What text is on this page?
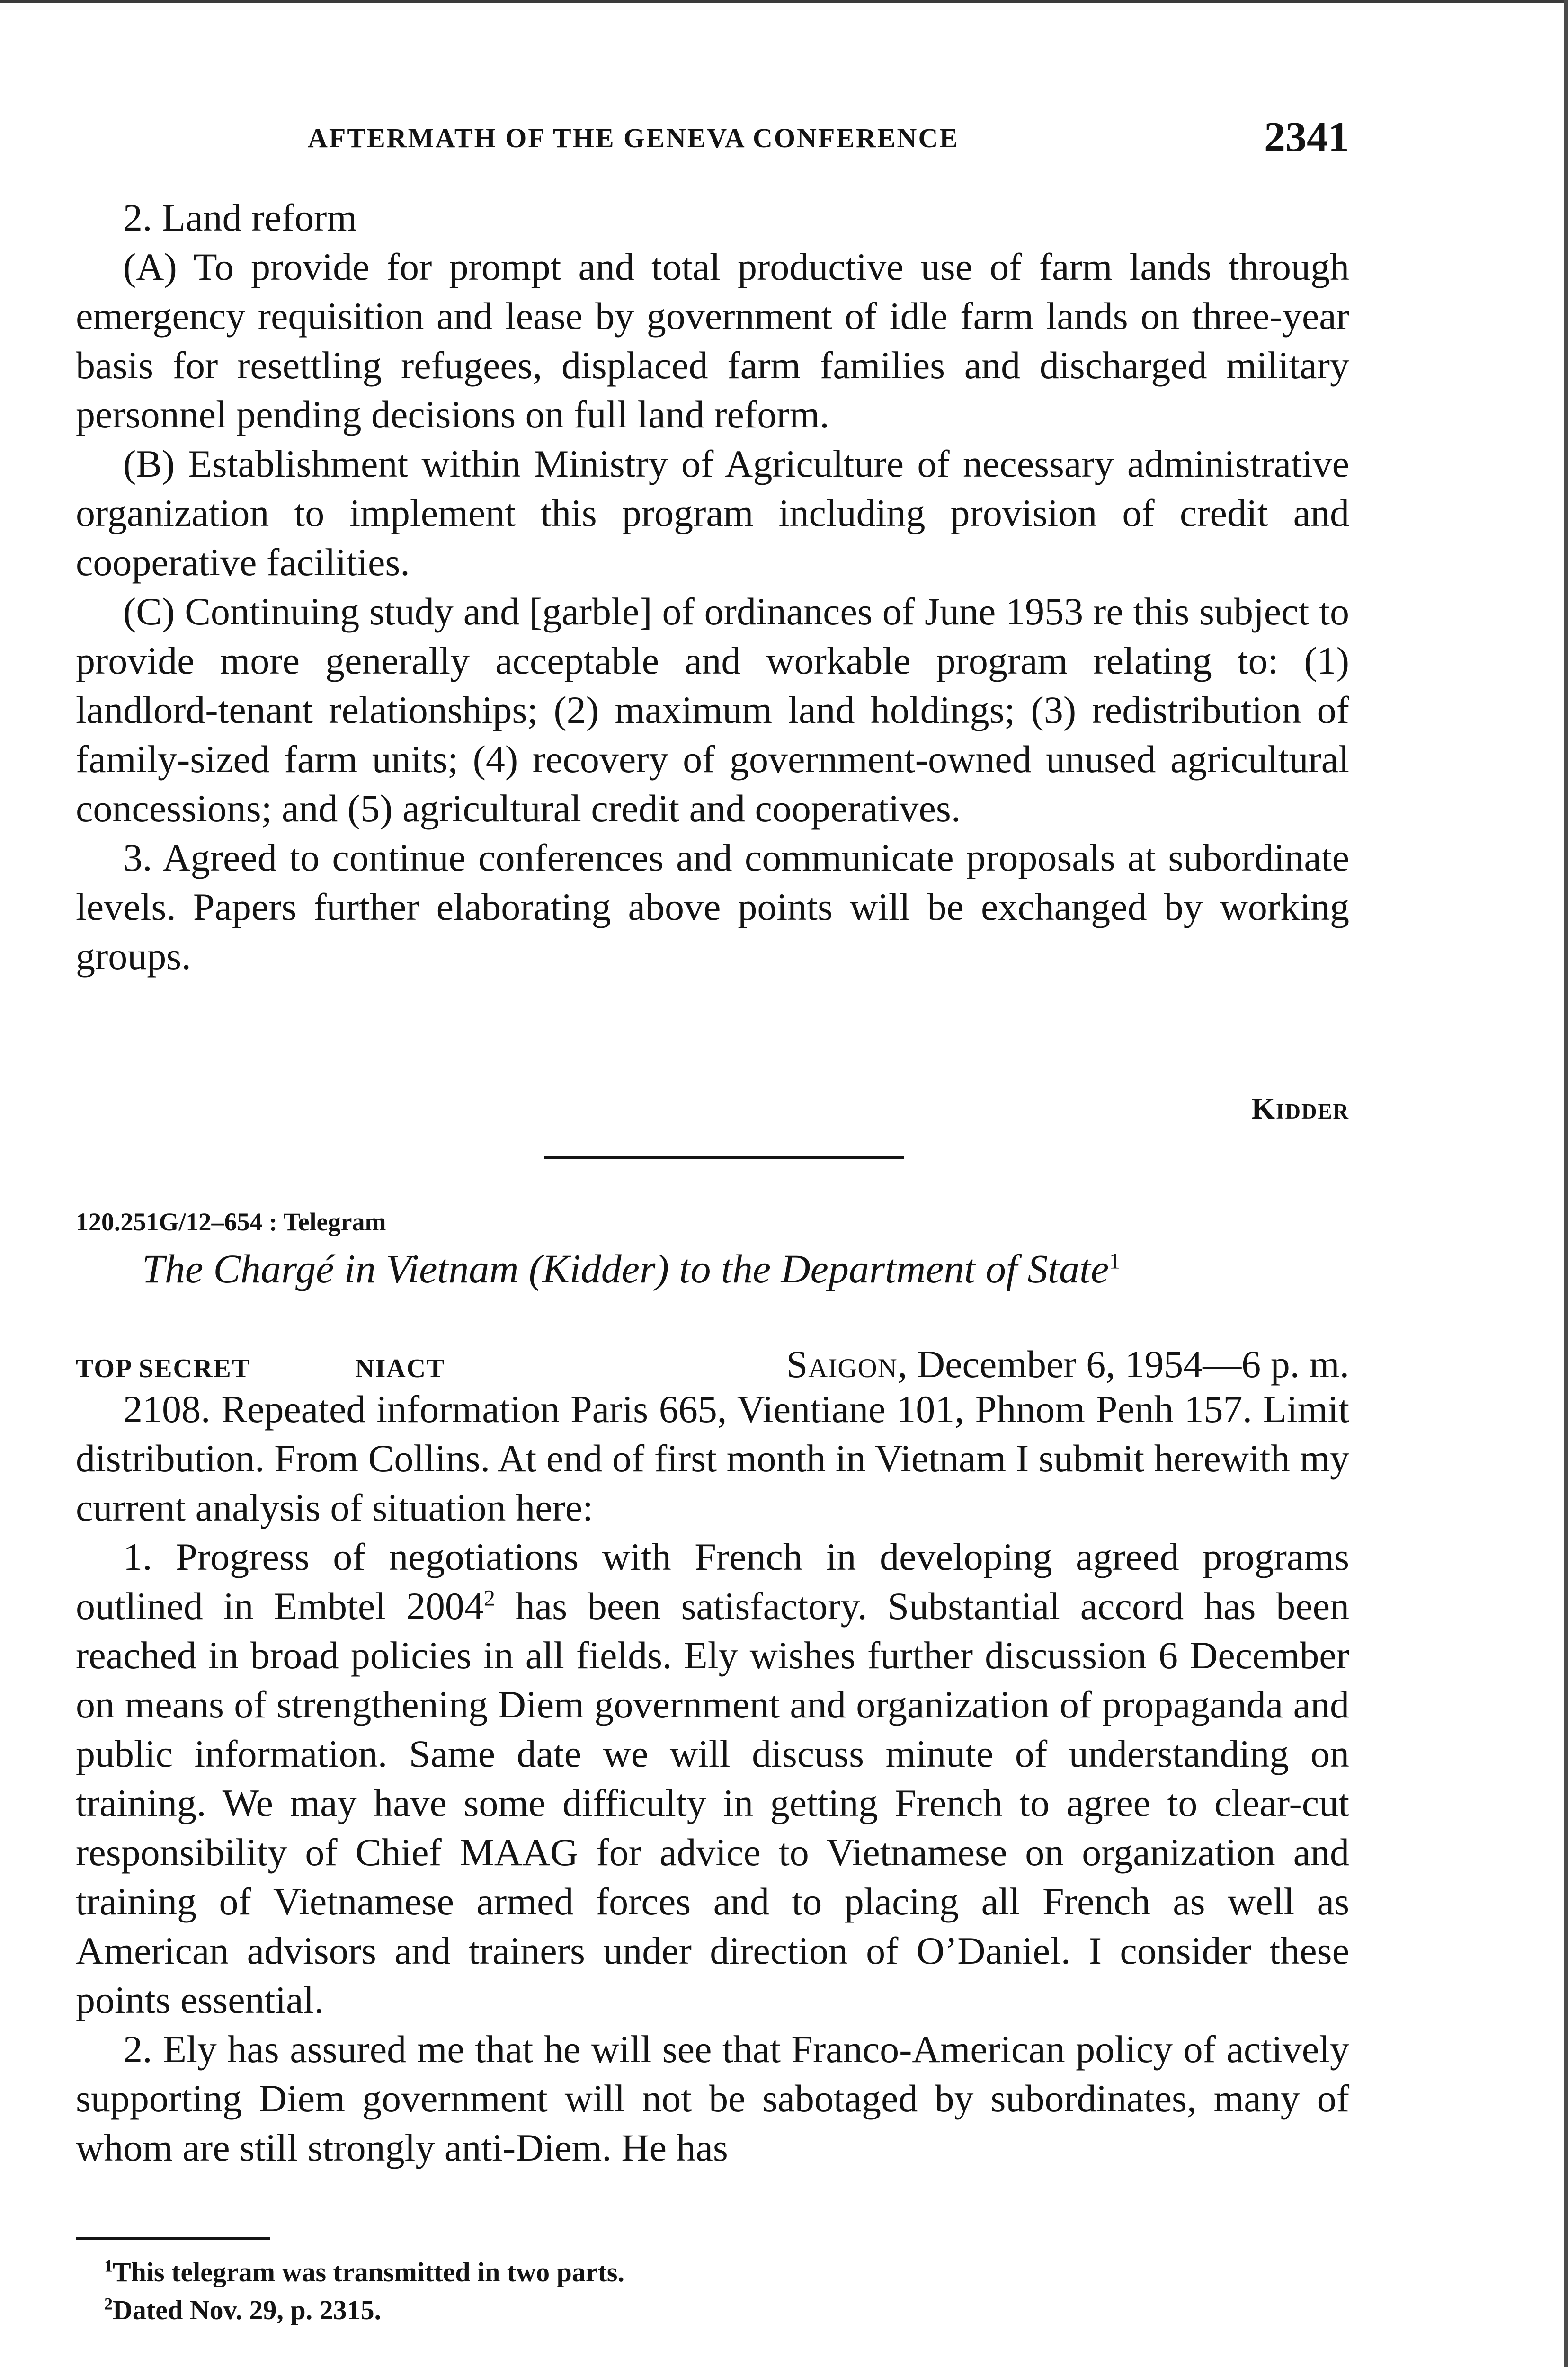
AFTERMATH OF THE GENEVA CONFERENCE	2341

2. Land reform

(A) To provide for prompt and total productive use of farm lands through emergency requisition and lease by government of idle farm lands on three-year basis for resettling refugees, displaced farm families and discharged military personnel pending decisions on full land reform.

(B) Establishment within Ministry of Agriculture of necessary administrative organization to implement this program including provision of credit and cooperative facilities.

(C) Continuing study and [garble] of ordinances of June 1953 re this subject to provide more generally acceptable and workable program relating to: (1) landlord-tenant relationships; (2) maximum land holdings; (3) redistribution of family-sized farm units; (4) recovery of government-owned unused agricultural concessions; and (5) agricultural credit and cooperatives.

3. Agreed to continue conferences and communicate proposals at subordinate levels. Papers further elaborating above points will be exchanged by working groups.

Kidder
120.251G/12–654 : Telegram
The Chargé in Vietnam (Kidder) to the Department of State$^1$
TOP SECRET	NIACT	Saigon, December 6, 1954—6 p. m.

2108. Repeated information Paris 665, Vientiane 101, Phnom Penh 157. Limit distribution. From Collins. At end of first month in Vietnam I submit herewith my current analysis of situation here:

1. Progress of negotiations with French in developing agreed programs outlined in Embtel 2004$^2$ has been satisfactory. Substantial accord has been reached in broad policies in all fields. Ely wishes further discussion 6 December on means of strengthening Diem government and organization of propaganda and public information. Same date we will discuss minute of understanding on training. We may have some difficulty in getting French to agree to clear-cut responsibility of Chief MAAG for advice to Vietnamese on organization and training of Vietnamese armed forces and to placing all French as well as American advisors and trainers under direction of O’Daniel. I consider these points essential.

2. Ely has assured me that he will see that Franco-American policy of actively supporting Diem government will not be sabotaged by subordinates, many of whom are still strongly anti-Diem. He has

$^1$This telegram was transmitted in two parts.
$^2$Dated Nov. 29, p. 2315.
